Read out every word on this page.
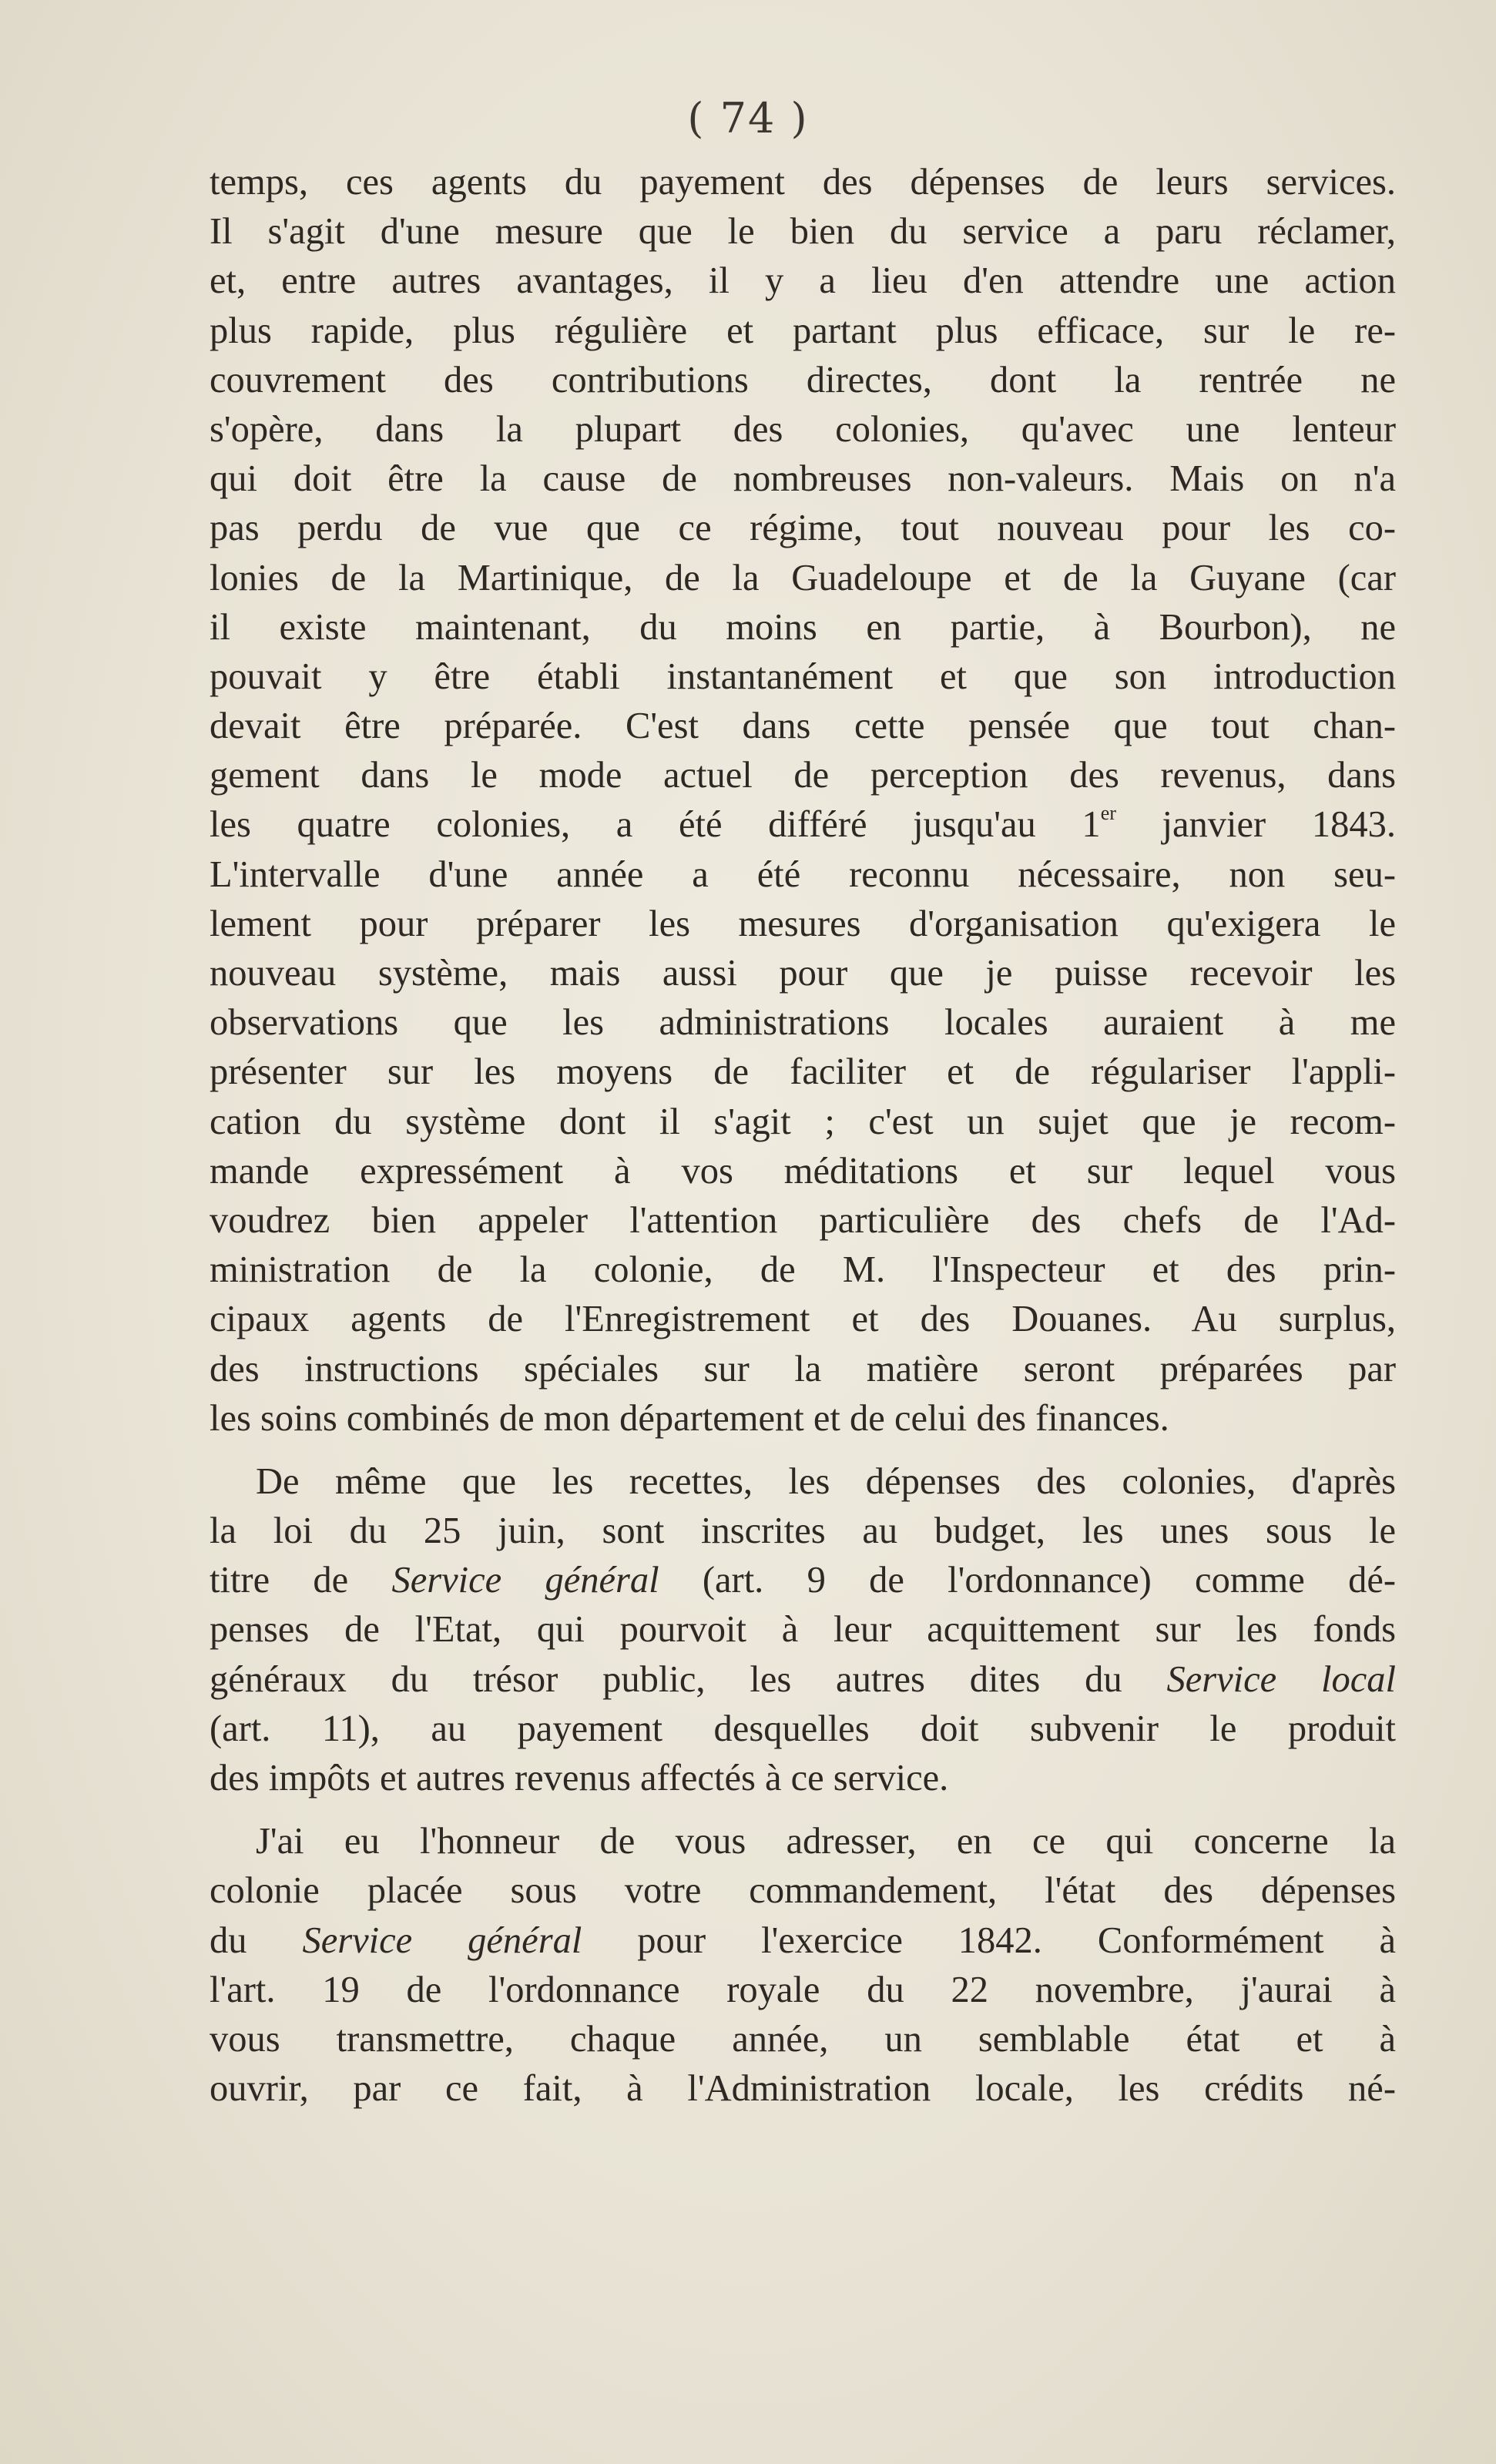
( 74 )
temps, ces agents du payement des dépenses de leurs services.
Il s'agit d'une mesure que le bien du service a paru réclamer,
et, entre autres avantages, il y a lieu d'en attendre une action
plus rapide, plus régulière et partant plus efficace, sur le re-
couvrement des contributions directes, dont la rentrée ne
s'opère, dans la plupart des colonies, qu'avec une lenteur
qui doit être la cause de nombreuses non-valeurs. Mais on n'a
pas perdu de vue que ce régime, tout nouveau pour les co-
lonies de la Martinique, de la Guadeloupe et de la Guyane (car
il existe maintenant, du moins en partie, à Bourbon), ne
pouvait y être établi instantanément et que son introduction
devait être préparée. C'est dans cette pensée que tout chan-
gement dans le mode actuel de perception des revenus, dans
les quatre colonies, a été différé jusqu'au 1er janvier 1843.
L'intervalle d'une année a été reconnu nécessaire, non seu-
lement pour préparer les mesures d'organisation qu'exigera le
nouveau système, mais aussi pour que je puisse recevoir les
observations que les administrations locales auraient à me
présenter sur les moyens de faciliter et de régulariser l'appli-
cation du système dont il s'agit ; c'est un sujet que je recom-
mande expressément à vos méditations et sur lequel vous
voudrez bien appeler l'attention particulière des chefs de l'Ad-
ministration de la colonie, de M. l'Inspecteur et des prin-
cipaux agents de l'Enregistrement et des Douanes. Au surplus,
des instructions spéciales sur la matière seront préparées par
les soins combinés de mon département et de celui des finances.
De même que les recettes, les dépenses des colonies, d'après
la loi du 25 juin, sont inscrites au budget, les unes sous le
titre de Service général (art. 9 de l'ordonnance) comme dé-
penses de l'Etat, qui pourvoit à leur acquittement sur les fonds
généraux du trésor public, les autres dites du Service local
(art. 11), au payement desquelles doit subvenir le produit
des impôts et autres revenus affectés à ce service.
J'ai eu l'honneur de vous adresser, en ce qui concerne la
colonie placée sous votre commandement, l'état des dépenses
du Service général pour l'exercice 1842. Conformément à
l'art. 19 de l'ordonnance royale du 22 novembre, j'aurai à
vous transmettre, chaque année, un semblable état et à
ouvrir, par ce fait, à l'Administration locale, les crédits né-
